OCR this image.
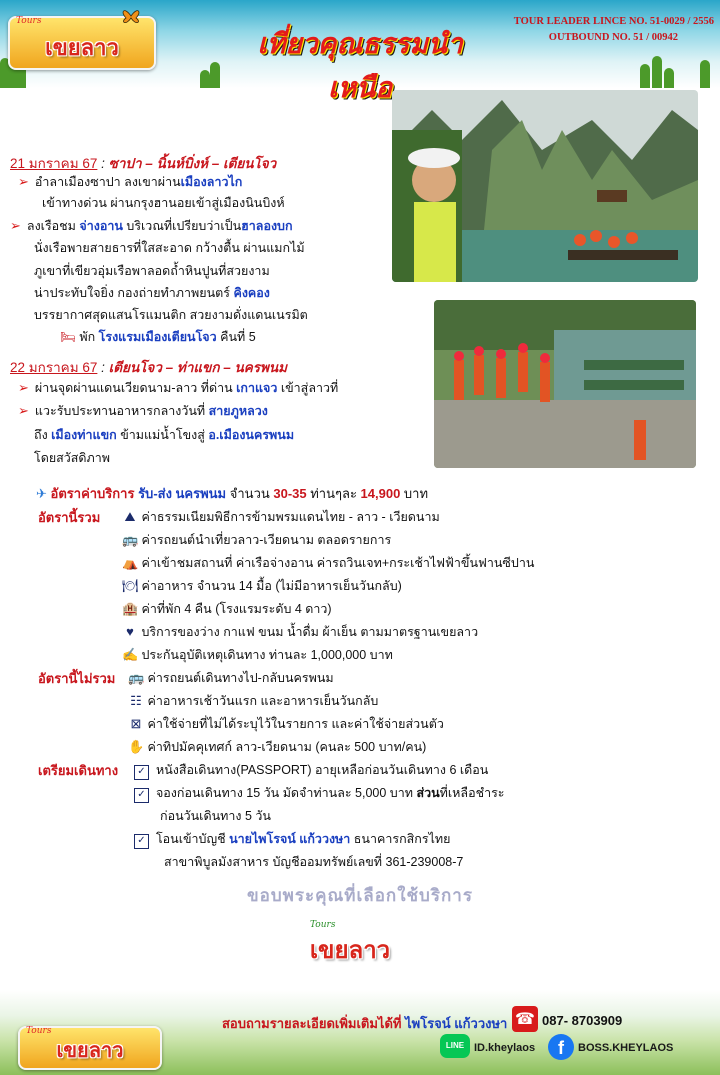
Tours
เขยลาว	เที่ยวคุณธรรมนำเหนือ
TOUR LEADER LINCE NO. 51-0029 / 2556
OUTBOUND NO. 51 / 00942
21 มกราคม 67 : ซาปา – นิ้นห์บิ่งห์ – เตียนโจว
➢ อำลาเมืองซาปา ลงเขาผ่านเมืองลาวไก
เข้าทางด่วน ผ่านกรุงฮานอยเข้าสู่เมืองนินบิงห์
➢ ลงเรือชม จ่างอาน บริเวณที่เปรียบว่าเป็นฮาลองบก
นั่งเรือพายสายธารที่ใสสะอาด กว้างตื้น ผ่านแมกไม้
ภูเขาที่เขียวอุ่มเรือพาลอดถ้ำหินปูนที่สวยงาม
น่าประทับใจยิ่ง กองถ่ายทำภาพยนตร์ คิงคอง
บรรยากาศสุดแสนโรแมนติก สวยงามดั่งแดนเนรมิต
🛏 พัก โรงแรมเมืองเตียนโจว คืนที่ 5
22 มกราคม 67 : เตียนโจว – ท่าแขก – นครพนม
➢ ผ่านจุดผ่านแดนเวียดนาม-ลาว ที่ด่าน เกาแจว เข้าสู่ลาวที่
➢ แวะรับประทานอาหารกลางวันที่ สายภูหลวง
ถึง เมืองท่าแขก ข้ามแม่น้ำโขงสู่ อ.เมืองนครพนม
โดยสวัสดิภาพ
✈ อัตราค่าบริการ รับ-ส่ง นครพนม จำนวน 30-35 ท่านๆละ 14,900 บาท
อัตรานี้รวม ⛰ ค่าธรรมเนียมพิธีการข้ามพรมแดนไทย - ลาว - เวียดนาม
🚌 ค่ารถยนต์นำเที่ยวลาว-เวียดนาม ตลอดรายการ
⛺ ค่าเข้าชมสถานที่ ค่าเรือจ่างอาน ค่ารถวินเจท+กระเช้าไฟฟ้าขึ้นฟานซีปาน
🍽 ค่าอาหาร จำนวน 14 มื้อ (ไม่มีอาหารเย็นวันกลับ)
🏨 ค่าที่พัก 4 คืน (โรงแรมระดับ 4 ดาว)
♥ บริการของว่าง กาแฟ ขนม น้ำดื่ม ผ้าเย็น ตามมาตรฐานเขยลาว
✍ ประกันอุบัติเหตุเดินทาง ท่านละ 1,000,000 บาท
อัตรานี้ไม่รวม 🚌 ค่ารถยนต์เดินทางไป-กลับนครพนม
☷ ค่าอาหารเช้าวันแรก และอาหารเย็นวันกลับ
⊠ ค่าใช้จ่ายที่ไม่ได้ระบุไว้ในรายการ และค่าใช้จ่ายส่วนตัว
✋ ค่าทิปมัคคุเทศก์ ลาว-เวียดนาม (คนละ 500 บาท/คน)
เตรียมเดินทาง	✓ หนังสือเดินทาง(PASSPORT) อายุเหลือก่อนวันเดินทาง 6 เดือน
✓ จองก่อนเดินทาง 15 วัน มัดจำท่านละ 5,000 บาท ส่วนที่เหลือชำระ
ก่อนวันเดินทาง 5 วัน
✓ โอนเข้าบัญชี นายไพโรจน์ แก้ววงษา ธนาคารกสิกรไทย
สาขาพิบูลมังสาหาร บัญชีออมทรัพย์เลขที่ 361-239008-7
ขอบพระคุณที่เลือกใช้บริการ
Tours
เขยลาว
Tours
เขยลาว
สอบถามรายละเอียดเพิ่มเติมได้ที่ ไพโรจน์ แก้ววงษา ☎ 087- 8703909
LINE ID.kheylaos	f	BOSS.KHEYLAOS
